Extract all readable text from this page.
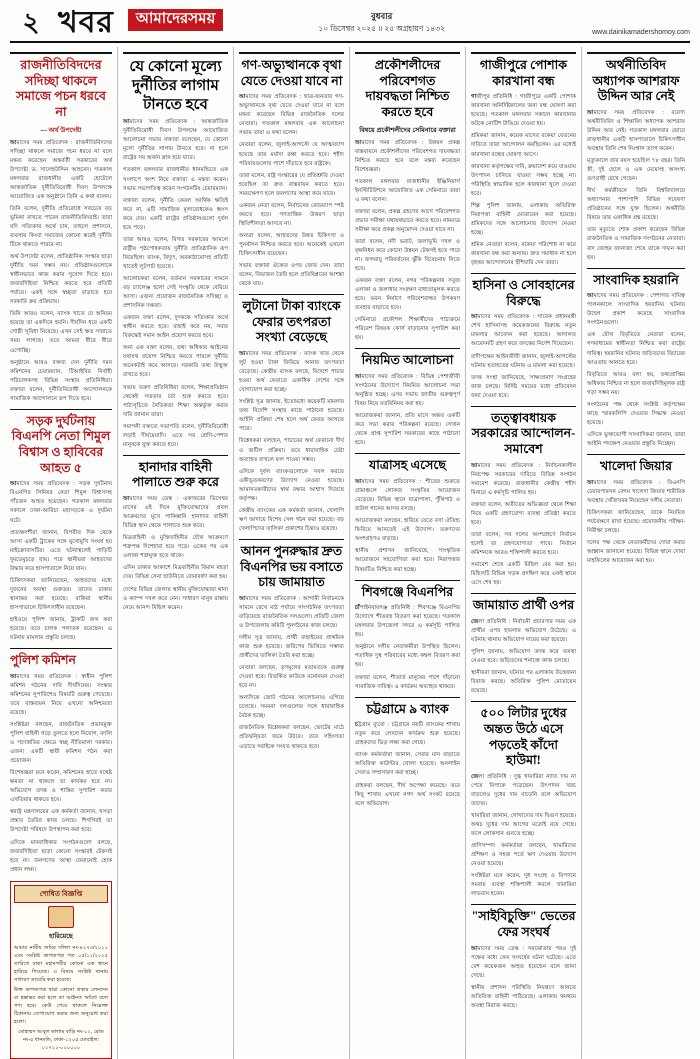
২ খবর	আমাদেরসময়	বুধবার
১০ ডিসেম্বর ২০২৫ ॥ ২৫ অগ্রহায়ণ ১৪৩২	www.dainikamadershomoy.com
রাজনীতিবিদদের সদিচ্ছা থাকলে সমাজে পচন ধরবে না
— অর্থ উপদেষ্টা

আমাদের সময় প্রতিবেদক : রাজনীতিবিদদের সদিচ্ছা থাকলে সমাজে পচন ধরবে না বলে মন্তব্য করেছেন অন্তর্বর্তী সরকারের অর্থ উপদেষ্টা ড. সালেহউদ্দিন আহমেদ। গতকাল মঙ্গলবার রাজধানীর একটি হোটেলে আন্তর্জাতিক দুর্নীতিবিরোধী দিবস উপলক্ষে আয়োজিত এক অনুষ্ঠানে তিনি এ কথা বলেন।

তিনি বলেন, দুর্নীতি প্রতিরোধে সবচেয়ে বড় ভূমিকা রাখতে পারেন রাজনীতিবিদরাই। তারা যদি সত্যিকার অর্থে চান, তাহলে প্রশাসনে, ব্যবসায় কিংবা সমাজের কোনো স্তরেই দুর্নীতি টিকে থাকতে পারবে না।

অর্থ উপদেষ্টা বলেন, প্রাতিষ্ঠানিক সংস্কার ছাড়া দুর্নীতি দমন সম্ভব নয়। প্রতিষ্ঠানগুলোকে স্বাধীনভাবে কাজ করার সুযোগ দিতে হবে। জবাবদিহিতা নিশ্চিত করতে হবে প্রতিটি পর্যায়ে। একই সঙ্গে স্বচ্ছতা বাড়াতে হবে সরকারি ক্রয় প্রক্রিয়ায়।

তিনি আরও বলেন, ব্যাংক খাতে যে অনিয়ম হয়েছে তা একদিনে হয়নি। দীর্ঘদিন ধরে একটি গোষ্ঠী সুবিধা নিয়েছে। এখন সেই ক্ষত সারাতে সময় লাগছে। তবে আমরা ধীরে ধীরে এগোচ্ছি।

অনুষ্ঠানে আরও বক্তব্য দেন দুর্নীতি দমন কমিশনের চেয়ারম্যান, টিআইবির নির্বাহী পরিচালকসহ বিভিন্ন সংস্থার প্রতিনিধিরা। বক্তারা বলেন, দুর্নীতিবিরোধী আন্দোলনকে সামাজিক আন্দোলনে রূপ দিতে হবে।

সড়ক দুর্ঘটনায় বিএনপি নেতা শিমুল বিশ্বাস ও হাবিবের আহত ৫

আমাদের সময় প্রতিবেদক : সড়ক দুর্ঘটনায় বিএনপির সিনিয়র নেতা শিমুল বিশ্বাসসহ পাঁচজন আহত হয়েছেন। গতকাল মঙ্গলবার সকালে ঢাকা-আরিচা মহাসড়কে এ দুর্ঘটনা ঘটে।

প্রত্যক্ষদর্শীরা জানান, বিপরীত দিক থেকে আসা একটি ট্রাকের সঙ্গে মুখোমুখি সংঘর্ষ হয় মাইক্রোবাসটির। এতে ঘটনাস্থলেই গাড়িটি দুমড়েমুচড়ে যায়। পরে স্থানীয়রা আহতদের উদ্ধার করে হাসপাতালে নিয়ে যান।

চিকিৎসকরা জানিয়েছেন, আহতদের মধ্যে দুজনের অবস্থা গুরুতর। তাদের ঢাকায় স্থানান্তর করা হয়েছে। বাকিরা স্থানীয় হাসপাতালে চিকিৎসাধীন রয়েছেন।

হাইওয়ে পুলিশ জানায়, ট্রাকটি জব্দ করা হয়েছে। তবে চালক পলাতক রয়েছেন। এ ঘটনায় মামলার প্রস্তুতি চলছে।

পুলিশ কমিশন

আমাদের সময় প্রতিবেদক : স্বাধীন পুলিশ কমিশন গঠনের দাবি দীর্ঘদিনের। সংস্কার কমিশনের সুপারিশেও বিষয়টি গুরুত্ব পেয়েছে। তবে বাস্তবায়ন নিয়ে এখনো অনিশ্চয়তা রয়েছে।

সংশ্লিষ্টরা বলছেন, রাজনৈতিক প্রভাবমুক্ত পুলিশ বাহিনী গড়ে তুলতে হলে নিয়োগ, বদলি ও পদোন্নতির ক্ষেত্রে স্বচ্ছ নীতিমালা দরকার। এজন্য একটি স্থায়ী কমিশন গঠন করা প্রয়োজন।

বিশেষজ্ঞরা মনে করেন, কমিশনের হাতে যথেষ্ট ক্ষমতা না থাকলে তা কার্যকর হবে না। অভিযোগ তদন্ত ও শাস্তির সুপারিশ করার এখতিয়ার থাকতে হবে।

স্বরাষ্ট্র মন্ত্রণালয়ের এক কর্মকর্তা জানান, খসড়া প্রস্তাব তৈরির কাজ চলছে। শিগগিরই তা উপদেষ্টা পরিষদে উপস্থাপন করা হবে।

এদিকে মানবাধিকার সংগঠনগুলো বলছে, জবাবদিহিতা ছাড়া কোনো সংস্কারই টেকসই হবে না। জনগণের আস্থা ফেরানোই হোক প্রধান লক্ষ্য।

শোধিত বিজ্ঞপ্তি
হারিয়েছে

আমার নামীয় জমির দলিল নং-৪২৭৩/২০১১ এবং সংশ্লিষ্ট কাগজপত্র গত ০৫/১২/২০২৫ তারিখে ঢাকা মহানগরীর কোনো এক স্থানে হারিয়ে গিয়েছে। এ বিষয়ে সংশ্লিষ্ট থানায় সাধারণ ডায়েরি করা হয়েছে।

উক্ত কাগজপত্র দ্বারা কোনো প্রকার লেনদেন বা হস্তান্তর করা হলে তা আইনত অবৈধ বলে গণ্য হবে। কেউ পেয়ে থাকলে নিম্নোক্ত ঠিকানায় যোগাযোগ করার জন্য অনুরোধ করা হলো।

মোহাম্মদ আবুল কালাম বাড়ি নং-১২, রোড নং-৫ ধানমন্ডি, ঢাকা-১২০৫ মোবাইল: ০১৭১১-০০০০০০

যে কোনো মূল্যে দুর্নীতির লাগাম টানতে হবে

আমাদের সময় প্রতিবেদক : আন্তর্জাতিক দুর্নীতিবিরোধী দিবস উপলক্ষে আয়োজিত আলোচনা সভায় বক্তারা বলেছেন, যে কোনো মূল্যে দুর্নীতির লাগাম টানতে হবে। না হলে রাষ্ট্রের সব অর্জন ম্লান হয়ে যাবে।

গতকাল মঙ্গলবার রাজধানীর ধানমন্ডিতে এক সংলাপে অংশ নিয়ে বক্তারা এ মন্তব্য করেন। সভায় সভাপতিত্ব করেন সংগঠনটির চেয়ারম্যান।

বক্তারা বলেন, দুর্নীতি কেবল আর্থিক ক্ষতিই করে না, এটি সামাজিক মূল্যবোধকেও ধ্বংস করে দেয়। একটি রাষ্ট্রের প্রতিষ্ঠানগুলো দুর্বল হয়ে পড়ে।

তারা আরও বলেন, বিগত সরকারের আমলে রাষ্ট্রীয় পৃষ্ঠপোষকতায় দুর্নীতি প্রাতিষ্ঠানিক রূপ নিয়েছিল। ব্যাংক, বিদ্যুৎ, অবকাঠামোসহ প্রতিটি খাতেই লুটপাট হয়েছে।

আলোচকরা বলেন, বর্তমান সরকারের সামনে বড় চ্যালেঞ্জ হলো সেই সংস্কৃতি থেকে বেরিয়ে আসা। এজন্য প্রয়োজন রাজনৈতিক সদিচ্ছা ও প্রশাসনিক দক্ষতা।

একজন বক্তা বলেন, দুদককে সত্যিকার অর্থে স্বাধীন করতে হবে। বাছাই করে নয়, সবার বিরুদ্ধেই সমান আইন প্রয়োগ করতে হবে।

অন্য এক বক্তা বলেন, তথ্য অধিকার আইনের যথাযথ প্রয়োগ নিশ্চিত করতে পারলে দুর্নীতি অনেকটাই কমে আসবে। সরকারি তথ্য উন্মুক্ত রাখতে হবে।

সভায় তরুণ প্রতিনিধিরা বলেন, শিক্ষাপ্রতিষ্ঠান থেকেই সততার চর্চা শুরু করতে হবে। পাঠ্যসূচিতে নৈতিকতা শিক্ষা অন্তর্ভুক্ত করার দাবি জানান তারা।

সমাপনী বক্তব্যে সভাপতি বলেন, দুর্নীতিবিরোধী লড়াই দীর্ঘমেয়াদি। এতে সব শ্রেণি-পেশার মানুষকে যুক্ত করতে হবে।

হানাদার বাহিনী পালাতে শুরু করে

আমাদের সময় ডেস্ক : একাত্তরের ডিসেম্বর মাসের এই দিনে মুক্তিযোদ্ধাদের প্রবল আক্রমণের মুখে পাকিস্তানি হানাদার বাহিনী বিভিন্ন স্থান থেকে পালাতে শুরু করে।

মিত্রবাহিনী ও মুক্তিবাহিনীর যৌথ আক্রমণে শত্রুপক্ষ দিশেহারা হয়ে পড়ে। একের পর এক এলাকা শত্রুমুক্ত হতে থাকে।

এদিন ঢাকার আকাশে মিত্রবাহিনীর বিমান মহড়া দেয়। বিভিন্ন সেনা ছাউনিতে বোমাবর্ষণ করা হয়।

দেশের বিভিন্ন জেলায় স্থানীয় মুক্তিযোদ্ধারা থানা ও ক্যাম্প দখল করে নেন। সাধারণ মানুষ রাস্তায় নেমে আনন্দ মিছিল করেন।

গণ-অভ্যুত্থানকে বৃথা যেতে দেওয়া যাবে না

আমাদের সময় প্রতিবেদক : ছাত্র-জনতার গণ-অভ্যুত্থানকে বৃথা যেতে দেওয়া যাবে না বলে মন্তব্য করেছেন বিভিন্ন রাজনৈতিক দলের নেতারা। গতকাল মঙ্গলবার এক আলোচনা সভায় তারা এ কথা বলেন।

নেতারা বলেন, জুলাই-আগস্টে যে আত্মত্যাগ হয়েছে তার মর্যাদা রক্ষা করতে হবে। শহীদ পরিবারগুলোর পাশে দাঁড়াতে হবে রাষ্ট্রকে।

তারা বলেন, রাষ্ট্র সংস্কারের যে প্রতিশ্রুতি দেওয়া হয়েছিল তা দ্রুত বাস্তবায়ন করতে হবে। সময়ক্ষেপণ হলে জনগণের আস্থা কমে যাবে।

একজন নেতা বলেন, নির্বাচনের রোডম্যাপ স্পষ্ট করতে হবে। গণতান্ত্রিক উত্তরণ ছাড়া স্থিতিশীলতা আসবে না।

অন্যরা বলেন, আহতদের উন্নত চিকিৎসা ও পুনর্বাসন নিশ্চিত করতে হবে। অনেকেই এখনো চিকিৎসাধীন রয়েছেন।

সভায় বক্তারা ঐক্যের ওপর জোর দেন। তারা বলেন, বিভাজন তৈরি হলে প্রতিবিপ্লবের আশঙ্কা থেকে যায়।

লুটানো টাকা ব্যাংকে ফেরার তৎপরতা সংখ্যা বেড়েছে

আমাদের সময় প্রতিবেদক : ব্যাংক খাত থেকে লুট হওয়া টাকা ফিরিয়ে আনার তৎপরতা বেড়েছে। কেন্দ্রীয় ব্যাংক বলছে, বিদেশে পাচার হওয়া অর্থ ফেরাতে একাধিক দেশের সঙ্গে যোগাযোগ করা হচ্ছে।

সংশ্লিষ্ট সূত্র জানায়, ইতোমধ্যে কয়েকটি মামলার তথ্য বিদেশি সংস্থার কাছে পাঠানো হয়েছে। আইনি প্রক্রিয়া শেষ হলে অর্থ ফেরত আসতে পারে।

বিশ্লেষকরা বলছেন, পাচারের অর্থ ফেরানো দীর্ঘ ও জটিল প্রক্রিয়া। তবে ধারাবাহিক চেষ্টা অব্যাহত রাখলে ফল পাওয়া সম্ভব।

এদিকে দুর্বল ব্যাংকগুলোকে সবল করতে একীভূতকরণের উদ্যোগ নেওয়া হয়েছে। আমানতকারীদের স্বার্থ রক্ষার আশ্বাস দিয়েছে কর্তৃপক্ষ।

কেন্দ্রীয় ব্যাংকের এক কর্মকর্তা জানান, খেলাপি ঋণ আদায়ে বিশেষ সেল গঠন করা হয়েছে। বড় খেলাপিদের তালিকা প্রকাশের চিন্তাও রয়েছে।

আনন পুনরুদ্ধার দ্রুত বিএনপির ভয় বসাতে চায় জামায়াত

আমাদের সময় প্রতিবেদক : আগামী নির্বাচনকে সামনে রেখে মাঠ পর্যায়ে সাংগঠনিক তৎপরতা বাড়িয়েছে রাজনৈতিক দলগুলো। প্রতিটি জেলা ও উপজেলায় কমিটি পুনর্গঠনের কাজ চলছে।

দলীয় সূত্র জানায়, প্রার্থী বাছাইয়ের প্রাথমিক কাজ শুরু হয়েছে। জরিপের ভিত্তিতে সম্ভাব্য প্রার্থীদের তালিকা তৈরি করা হচ্ছে।

নেতারা বলছেন, তৃণমূলের মতামতকে গুরুত্ব দেওয়া হবে। বিতর্কিত কাউকে মনোনয়ন দেওয়া হবে না।

অন্যদিকে জোট গঠনের আলোচনাও এগিয়ে চলেছে। সমমনা দলগুলোর সঙ্গে ধারাবাহিক বৈঠক হচ্ছে।

রাজনৈতিক বিশ্লেষকরা বলছেন, ভোটের মাঠে প্রতিদ্বন্দ্বিতা জমে উঠবে। তবে সহিংসতা এড়াতে সবাইকে সংযত থাকতে হবে।

প্রকৌশলীদের পরিবেশগত দায়বদ্ধতা নিশ্চিত করতে হবে
বিষয়ে প্রকৌশলীদের সেমিনারে বক্তারা

আমাদের সময় প্রতিবেদক : উন্নয়ন প্রকল্প বাস্তবায়নে প্রকৌশলীদের পরিবেশগত দায়বদ্ধতা নিশ্চিত করতে হবে বলে মন্তব্য করেছেন বিশেষজ্ঞরা।

গতকাল মঙ্গলবার রাজধানীর ইঞ্জিনিয়ার্স ইনস্টিটিউশনে আয়োজিত এক সেমিনারে তারা এ কথা বলেন।

বক্তারা বলেন, প্রকল্প গ্রহণের আগে পরিবেশগত প্রভাব সমীক্ষা যথাযথভাবে করতে হবে। নামমাত্র সমীক্ষা করে প্রকল্প অনুমোদন দেওয়া যাবে না।

তারা বলেন, নদী ভরাট, জলাভূমি দখল ও বৃক্ষনিধন করে কোনো উন্নয়ন টেকসই হতে পারে না। জলবায়ু পরিবর্তনের ঝুঁকি বিবেচনায় নিতে হবে।

একজন বক্তা বলেন, নগর পরিকল্পনায় সবুজ এলাকা ও জলাধার সংরক্ষণ বাধ্যতামূলক করতে হবে। ভবন নির্মাণে পরিবেশবান্ধব উপকরণ ব্যবহার বাড়াতে হবে।

সেমিনারে প্রকৌশল শিক্ষার্থীদের পাঠ্যক্রমে পরিবেশ বিষয়ক কোর্স বাড়ানোর সুপারিশ করা হয়।

নিয়মিত আলোচনা

আমাদের সময় প্রতিবেদক : বিভিন্ন পেশাজীবী সংগঠনের উদ্যোগে নিয়মিত আলোচনা সভা অনুষ্ঠিত হচ্ছে। এসব সভায় জাতীয় গুরুত্বপূর্ণ বিষয় নিয়ে মতবিনিময় করা হয়।

আয়োজকরা জানান, প্রতি মাসে অন্তত একটি করে সভা করার পরিকল্পনা রয়েছে। সেখান থেকে প্রাপ্ত সুপারিশ সরকারের কাছে পাঠানো হবে।

যাত্রাসহ এসেছে

আমাদের সময় প্রতিবেদক : শীতের শুরুতে গ্রামাঞ্চলে লোকজ সংস্কৃতির আয়োজন বেড়েছে। বিভিন্ন স্থানে যাত্রাপালা, পুঁথিপাঠ ও বাউল গানের আসর বসছে।

আয়োজকরা বলছেন, হারিয়ে যেতে বসা ঐতিহ্য ফিরিয়ে আনতেই এই উদ্যোগ। তরুণদের অংশগ্রহণও বাড়ছে।

স্থানীয় প্রশাসন জানিয়েছে, সাংস্কৃতিক আয়োজনে সহযোগিতা করা হবে। নিরাপত্তার বিষয়টিও নিশ্চিত করা হচ্ছে।

শিবগঞ্জে বিএনপির

চাঁপাইনবাবগঞ্জ প্রতিনিধি : শিবগঞ্জে বিএনপির উদ্যোগে শীতবস্ত্র বিতরণ করা হয়েছে। গতকাল মঙ্গলবার উপজেলা সদরে এ কর্মসূচি পালিত হয়।

অনুষ্ঠানে দলীয় নেতাকর্মীরা উপস্থিত ছিলেন। শতাধিক দুস্থ পরিবারের মধ্যে কম্বল বিতরণ করা হয়।

বক্তারা বলেন, শীতার্ত মানুষের পাশে দাঁড়ানো সামাজিক দায়িত্ব। এ কার্যক্রম অব্যাহত থাকবে।

চট্টগ্রামে ৯ ব্যাংক

চট্টগ্রাম ব্যুরো : চট্টগ্রামে নয়টি ব্যাংকের শাখায় নতুন করে লেনদেন কার্যক্রম শুরু হয়েছে। গ্রাহকদের ভিড় লক্ষ্য করা গেছে।

ব্যাংক কর্মকর্তারা জানান, সেবার মান বাড়াতে অতিরিক্ত কাউন্টার খোলা হয়েছে। অনলাইন সেবাও সম্প্রসারণ করা হচ্ছে।

গ্রাহকরা বলছেন, দীর্ঘ অপেক্ষা কমেছে। তবে কিছু শাখায় এখনো নগদ অর্থ সংকট রয়েছে বলে অভিযোগ।

গাজীপুরে পোশাক কারখানা বন্ধ

গাজীপুর প্রতিনিধি : গাজীপুরে একটি পোশাক কারখানা অনির্দিষ্টকালের জন্য বন্ধ ঘোষণা করা হয়েছে। গতকাল মঙ্গলবার সকালে কারখানার ফটকে নোটিশ টাঙিয়ে দেওয়া হয়।

শ্রমিকরা জানান, কয়েক মাসের বকেয়া বেতনের দাবিতে তারা আন্দোলন করছিলেন। এর মধ্যেই কারখানা বন্ধের ঘোষণা আসে।

কারখানা কর্তৃপক্ষের দাবি, ক্রয়াদেশ কমে যাওয়ায় উৎপাদন চালিয়ে যাওয়া সম্ভব হচ্ছে না। পরিস্থিতি স্বাভাবিক হলে কারখানা খুলে দেওয়া হবে।

শিল্প পুলিশ জানায়, এলাকায় অতিরিক্ত নিরাপত্তা বাহিনী মোতায়েন করা হয়েছে। শ্রমিকদের সঙ্গে আলোচনার উদ্যোগ নেওয়া হচ্ছে।

শ্রমিক নেতারা বলেন, বকেয়া পরিশোধ না করে কারখানা বন্ধ করা অন্যায়। দ্রুত সমাধান না হলে বৃহত্তর আন্দোলনের হুঁশিয়ারি দেন তারা।

হাসিনা ও সোবহানের বিরুদ্ধে

আমাদের সময় প্রতিবেদক : সাবেক প্রধানমন্ত্রী শেখ হাসিনাসহ কয়েকজনের বিরুদ্ধে নতুন মামলার আবেদন করা হয়েছে। আদালত আবেদনটি গ্রহণ করে তদন্তের নির্দেশ দিয়েছেন।

বাদীপক্ষের আইনজীবী জানান, জুলাই-আগস্টের ঘটনায় হতাহতের ঘটনায় এ মামলা করা হয়েছে।

তদন্ত সংস্থা জানিয়েছে, সাক্ষ্যপ্রমাণ সংগ্রহের কাজ চলছে। নির্দিষ্ট সময়ের মধ্যে প্রতিবেদন জমা দেওয়া হবে।

তত্ত্বাবধায়ক সরকারের আন্দোলন-সমাবেশ

আমাদের সময় প্রতিবেদক : নির্বাচনকালীন নিরপেক্ষ সরকারের দাবিতে বিভিন্ন সংগঠন সমাবেশ করেছে। রাজধানীর কেন্দ্রীয় শহীদ মিনারে এ কর্মসূচি পালিত হয়।

বক্তারা বলেন, অতীতের অভিজ্ঞতা থেকে শিক্ষা নিয়ে একটি গ্রহণযোগ্য ব্যবস্থা প্রতিষ্ঠা করতে হবে।

তারা বলেন, সব দলের অংশগ্রহণে নির্বাচন হলেই তা গ্রহণযোগ্যতা পাবে। নির্বাচন কমিশনকে আরও শক্তিশালী করতে হবে।

সমাবেশ শেষে একটি মিছিল বের করা হয়। মিছিলটি বিভিন্ন সড়ক প্রদক্ষিণ করে একই স্থানে এসে শেষ হয়।

জামায়াত প্রার্থী ওপর

জেলা প্রতিনিধি : নির্বাচনী প্রচারণার সময় এক প্রার্থীর ওপর হামলার অভিযোগ উঠেছে। এ ঘটনায় থানায় অভিযোগ দায়ের করা হয়েছে।

পুলিশ জানায়, অভিযোগ তদন্ত করে ব্যবস্থা নেওয়া হবে। জড়িতদের শনাক্তে কাজ চলছে।

স্থানীয়রা জানান, ঘটনার পর এলাকায় উত্তেজনা বিরাজ করছে। অতিরিক্ত পুলিশ মোতায়েন রয়েছে।

৫০০ লিটার দুধের অন্তত উঠে এসে পড়তেই কাঁদো হাউমা!

জেলা প্রতিনিধি : দুগ্ধ খামারিরা ন্যায্য দাম না পেয়ে বিপাকে পড়েছেন। উৎপাদন খরচ বাড়লেও দুধের দাম বাড়েনি বলে অভিযোগ তাদের।

খামারিরা জানান, গোখাদ্যের দাম দ্বিগুণ হয়েছে। অথচ দুধের দাম আগের মতোই রয়ে গেছে। ফলে লোকসান গুনতে হচ্ছে।

প্রাণিসম্পদ কর্মকর্তারা বলছেন, খামারিদের প্রশিক্ষণ ও সহজ শর্তে ঋণ দেওয়ার উদ্যোগ নেওয়া হয়েছে।

সংশ্লিষ্টরা মনে করেন, দুধ সংগ্রহ ও বিপণনে সমবায় ব্যবস্থা শক্তিশালী করলে খামারিরা লাভবান হবেন।

"সাইবিচুক্তি" ভেতের ফের সংঘর্ষ

আমাদের সময় ডেস্ক : সমঝোতার পরও দুই পক্ষের মধ্যে ফের সংঘর্ষের ঘটনা ঘটেছে। এতে বেশ কয়েকজন আহত হয়েছেন বলে জানা গেছে।

স্থানীয় প্রশাসন পরিস্থিতি নিয়ন্ত্রণে আনতে অতিরিক্ত বাহিনী পাঠিয়েছে। এলাকায় থমথমে অবস্থা বিরাজ করছে।

অর্থনীতিবিদ অধ্যাপক আশরাফ উদ্দিন আর নেই

আমাদের সময় প্রতিবেদক : বরেণ্য অর্থনীতিবিদ ও শিক্ষাবিদ অধ্যাপক আশরাফ উদ্দিন আর নেই। গতকাল মঙ্গলবার ভোরে রাজধানীর একটি হাসপাতালে চিকিৎসাধীন অবস্থায় তিনি শেষ নিঃশ্বাস ত্যাগ করেন।

মৃত্যুকালে তার বয়স হয়েছিল ৭৮ বছর। তিনি স্ত্রী, দুই ছেলে ও এক মেয়েসহ অসংখ্য গুণগ্রাহী রেখে গেছেন।

দীর্ঘ কর্মজীবনে তিনি বিশ্ববিদ্যালয়ে অধ্যাপনার পাশাপাশি বিভিন্ন গবেষণা প্রতিষ্ঠানের সঙ্গে যুক্ত ছিলেন। অর্থনীতি বিষয়ে তার একাধিক গ্রন্থ রয়েছে।

তার মৃত্যুতে শোক প্রকাশ করেছেন বিভিন্ন রাজনৈতিক ও সামাজিক সংগঠনের নেতারা। বাদ জোহর জানাজা শেষে তাকে দাফন করা হয়।

সাংবাদিক হয়রানি

আমাদের সময় প্রতিবেদক : পেশাগত দায়িত্ব পালনকালে সাংবাদিক হয়রানির ঘটনায় উদ্বেগ প্রকাশ করেছে সাংবাদিক সংগঠনগুলো।

এক যৌথ বিবৃতিতে নেতারা বলেন, গণমাধ্যমের স্বাধীনতা নিশ্চিত করা রাষ্ট্রের দায়িত্ব। হয়রানির ঘটনায় জড়িতদের বিচারের আওতায় আনতে হবে।

বিবৃতিতে আরও বলা হয়, তথ্যপ্রাপ্তির অধিকার নিশ্চিত না হলে জবাবদিহিমূলক রাষ্ট্র গড়া সম্ভব নয়।

সংগঠনের পক্ষ থেকে সংশ্লিষ্ট কর্তৃপক্ষের কাছে স্মারকলিপি দেওয়ার সিদ্ধান্ত নেওয়া হয়েছে।

এদিকে ভুক্তভোগী সাংবাদিকরা জানান, তারা আইনি পদক্ষেপ নেওয়ার প্রস্তুতি নিচ্ছেন।

খালেদা জিয়ার

আমাদের সময় প্রতিবেদক : বিএনপি চেয়ারপারসন বেগম খালেদা জিয়ার শারীরিক অবস্থার খোঁজখবর নিয়েছেন দলীয় নেতারা।

চিকিৎসকরা জানিয়েছেন, তাকে নিয়মিত পর্যবেক্ষণে রাখা হয়েছে। প্রয়োজনীয় পরীক্ষা-নিরীক্ষা চলছে।

দলের পক্ষ থেকে নেতাকর্মীদের দোয়া করার আহ্বান জানানো হয়েছে। বিভিন্ন স্থানে দোয়া মাহফিলের আয়োজন করা হয়।
